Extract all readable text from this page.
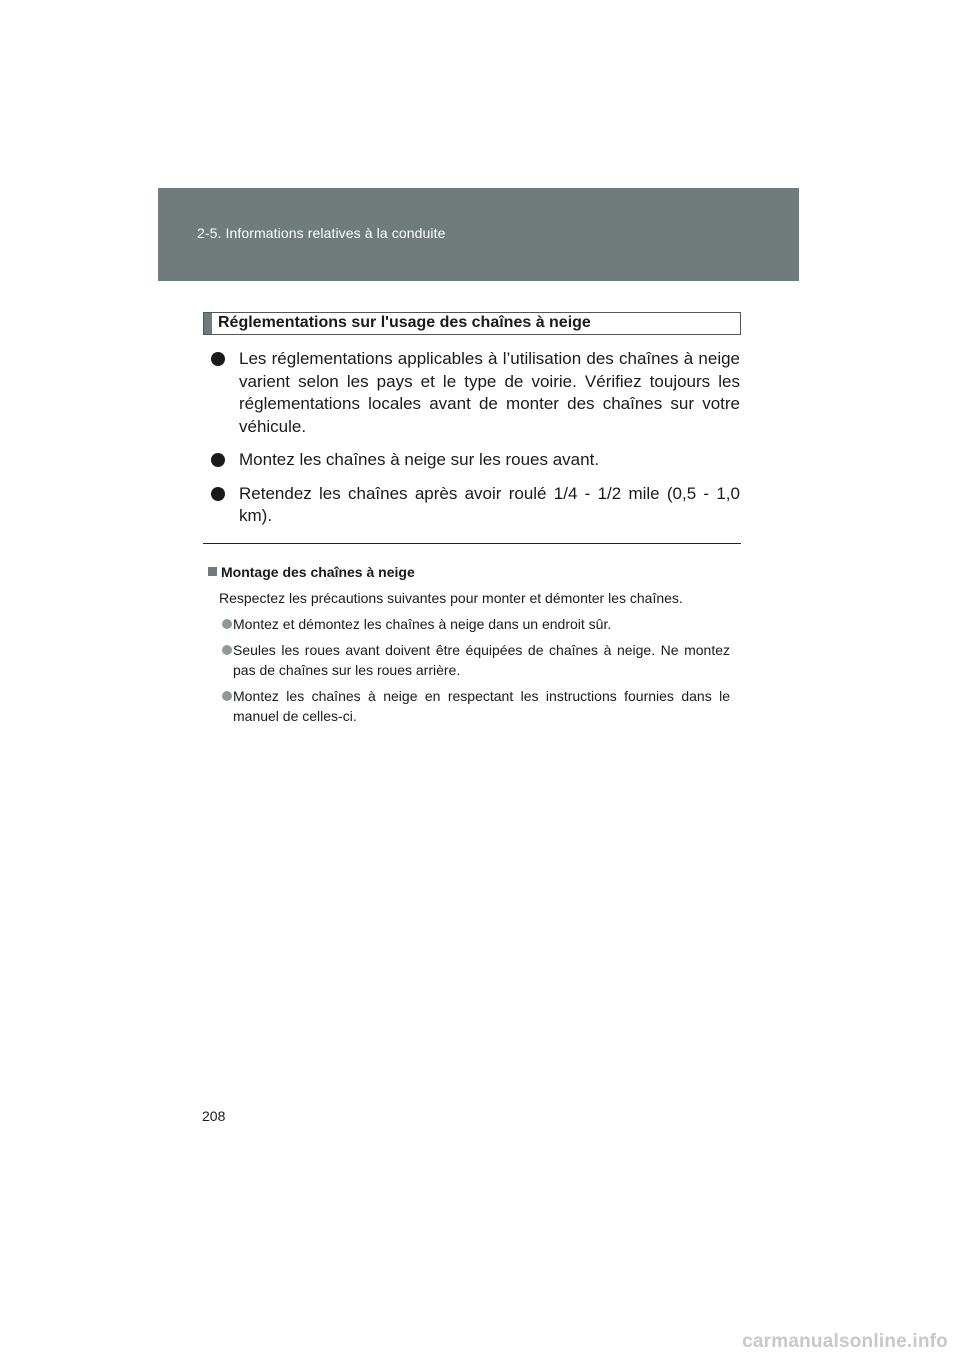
2-5. Informations relatives à la conduite
Réglementations sur l'usage des chaînes à neige
Les réglementations applicables à l’utilisation des chaînes à neige varient selon les pays et le type de voirie. Vérifiez toujours les réglementations locales avant de monter des chaînes sur votre véhicule.
Montez les chaînes à neige sur les roues avant.
Retendez les chaînes après avoir roulé 1/4 - 1/2 mile (0,5 - 1,0 km).
Montage des chaînes à neige
Respectez les précautions suivantes pour monter et démonter les chaînes.
Montez et démontez les chaînes à neige dans un endroit sûr.
Seules les roues avant doivent être équipées de chaînes à neige. Ne montez pas de chaînes sur les roues arrière.
Montez les chaînes à neige en respectant les instructions fournies dans le manuel de celles-ci.
208
carmanualsonline.info
